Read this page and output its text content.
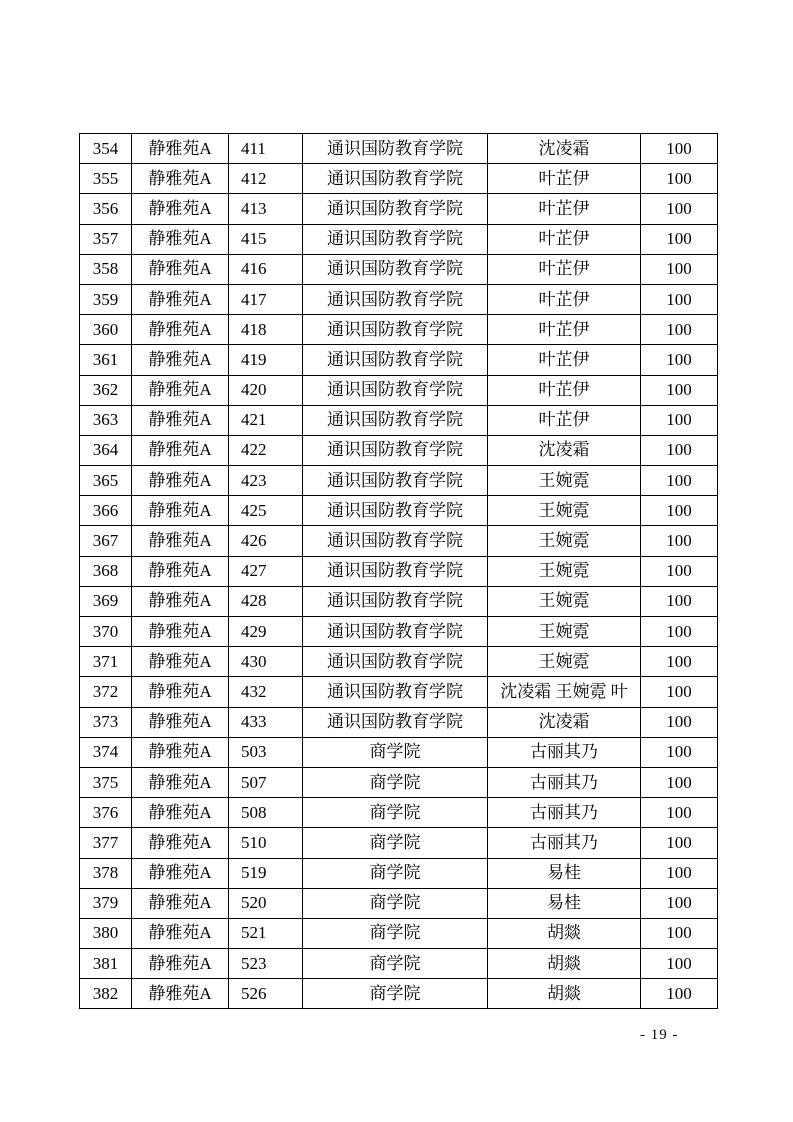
354	静雅苑A	411	通识国防教育学院	沈凌霜	100
355	静雅苑A	412	通识国防教育学院	叶芷伊	100
356	静雅苑A	413	通识国防教育学院	叶芷伊	100
357	静雅苑A	415	通识国防教育学院	叶芷伊	100
358	静雅苑A	416	通识国防教育学院	叶芷伊	100
359	静雅苑A	417	通识国防教育学院	叶芷伊	100
360	静雅苑A	418	通识国防教育学院	叶芷伊	100
361	静雅苑A	419	通识国防教育学院	叶芷伊	100
362	静雅苑A	420	通识国防教育学院	叶芷伊	100
363	静雅苑A	421	通识国防教育学院	叶芷伊	100
364	静雅苑A	422	通识国防教育学院	沈凌霜	100
365	静雅苑A	423	通识国防教育学院	王婉霓	100
366	静雅苑A	425	通识国防教育学院	王婉霓	100
367	静雅苑A	426	通识国防教育学院	王婉霓	100
368	静雅苑A	427	通识国防教育学院	王婉霓	100
369	静雅苑A	428	通识国防教育学院	王婉霓	100
370	静雅苑A	429	通识国防教育学院	王婉霓	100
371	静雅苑A	430	通识国防教育学院	王婉霓	100
372	静雅苑A	432	通识国防教育学院	沈凌霜 王婉霓 叶	100
373	静雅苑A	433	通识国防教育学院	沈凌霜	100
374	静雅苑A	503	商学院	古丽其乃	100
375	静雅苑A	507	商学院	古丽其乃	100
376	静雅苑A	508	商学院	古丽其乃	100
377	静雅苑A	510	商学院	古丽其乃	100
378	静雅苑A	519	商学院	易桂	100
379	静雅苑A	520	商学院	易桂	100
380	静雅苑A	521	商学院	胡燚	100
381	静雅苑A	523	商学院	胡燚	100
382	静雅苑A	526	商学院	胡燚	100
- 19 -
